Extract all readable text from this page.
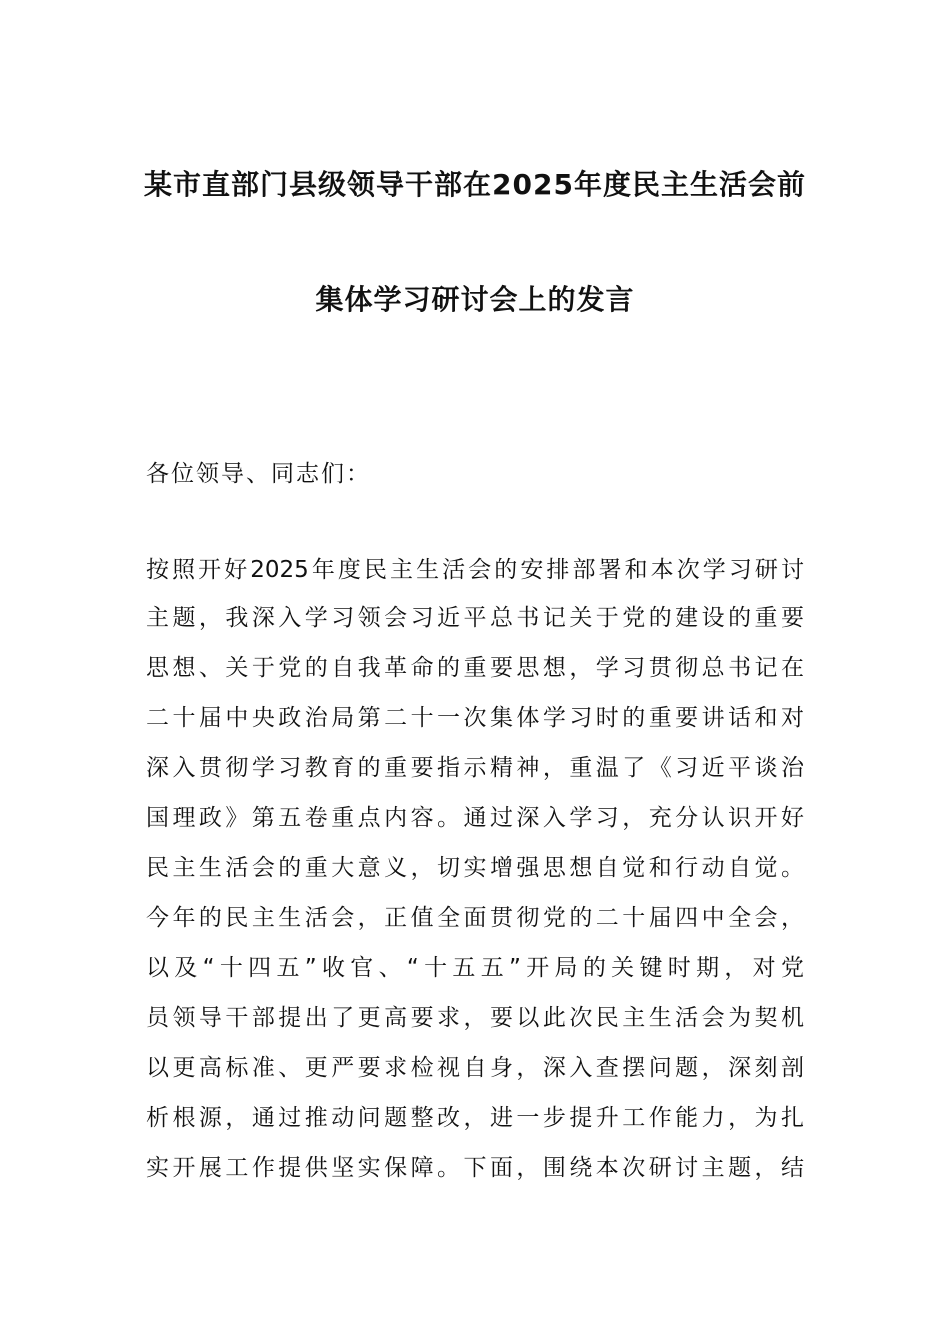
某市直部门县级领导干部在2025年度民主生活会前
集体学习研讨会上的发言
各位领导、同志们：
按照开好2025年度民主生活会的安排部署和本次学习研讨
主题，我深入学习领会习近平总书记关于党的建设的重要
思想、关于党的自我革命的重要思想，学习贯彻总书记在
二十届中央政治局第二十一次集体学习时的重要讲话和对
深入贯彻学习教育的重要指示精神，重温了《习近平谈治
国理政》第五卷重点内容。通过深入学习，充分认识开好
民主生活会的重大意义，切实增强思想自觉和行动自觉。
今年的民主生活会，正值全面贯彻党的二十届四中全会，
以及“十四五”收官、“十五五”开局的关键时期，对党
员领导干部提出了更高要求，要以此次民主生活会为契机
以更高标准、更严要求检视自身，深入查摆问题，深刻剖
析根源，通过推动问题整改，进一步提升工作能力，为扎
实开展工作提供坚实保障。下面，围绕本次研讨主题，结
